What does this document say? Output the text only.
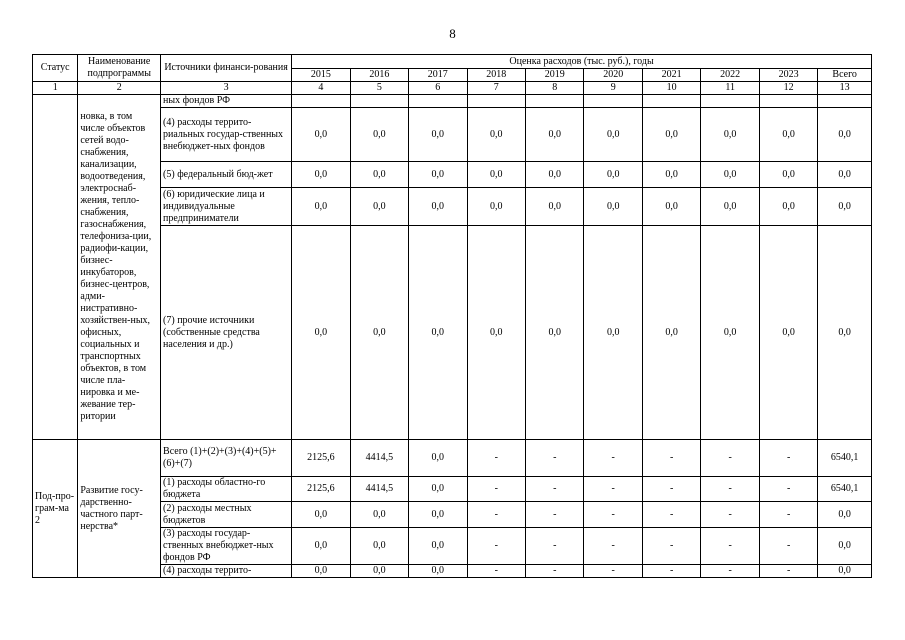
8
Статус	Наименование подпрограммы	Источники финанси-рования	Оценка расходов (тыс. руб.), годы									
			2015	2016	2017	2018	2019	2020	2021	2022	2023	Всего
1	2	3	4	5	6	7	8	9	10	11	12	13
	новка, в том числе объектов сетей водо-снабжения, канализации, водоотведения, электроснаб-жения, тепло-снабжения, газоснабжения, телефониза-ции, радиофи-кации, бизнес-инкубаторов, бизнес-центров, адми-нистративно-хозяйствен-ных, офисных, социальных и транспортных объектов, в том числе пла-нировка и ме-жевание тер-ритории	ных фондов РФ										
		(4) расходы террито-риальных государ-ственных внебюджет-ных фондов	0,0	0,0	0,0	0,0	0,0	0,0	0,0	0,0	0,0	0,0
		(5) федеральный бюд-жет	0,0	0,0	0,0	0,0	0,0	0,0	0,0	0,0	0,0	0,0
		(6) юридические лица и индивидуальные предприниматели	0,0	0,0	0,0	0,0	0,0	0,0	0,0	0,0	0,0	0,0
		(7) прочие источники (собственные средства населения и др.)	0,0	0,0	0,0	0,0	0,0	0,0	0,0	0,0	0,0	0,0
Под-про-грам-ма 2	Развитие госу-дарственно-частного парт-нерства*	Всего (1)+(2)+(3)+(4)+(5)+(6)+(7)	2125,6	4414,5	0,0	-	-	-	-	-	-	6540,1
		(1) расходы областно-го бюджета	2125,6	4414,5	0,0	-	-	-	-	-	-	6540,1
		(2) расходы местных бюджетов	0,0	0,0	0,0	-	-	-	-	-	-	0,0
		(3) расходы государ-ственных внебюджет-ных фондов РФ	0,0	0,0	0,0	-	-	-	-	-	-	0,0
		(4) расходы террито-	0,0	0,0	0,0	-	-	-	-	-	-	0,0
